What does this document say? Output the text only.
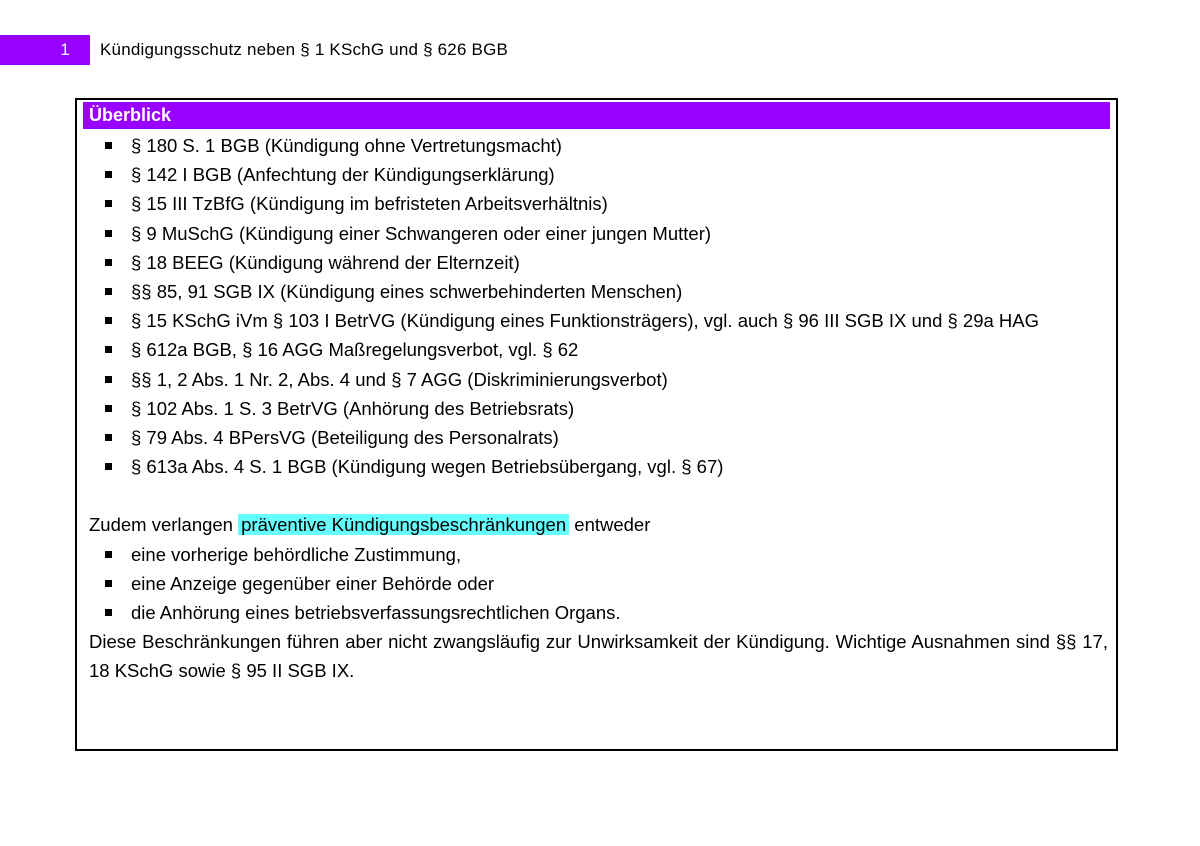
1	Kündigungsschutz neben § 1 KSchG und § 626 BGB
Überblick
§ 180 S. 1 BGB (Kündigung ohne Vertretungsmacht)
§ 142 I BGB (Anfechtung der Kündigungserklärung)
§ 15 III TzBfG (Kündigung im befristeten Arbeitsverhältnis)
§ 9 MuSchG (Kündigung einer Schwangeren oder einer jungen Mutter)
§ 18 BEEG (Kündigung während der Elternzeit)
§§ 85, 91 SGB IX (Kündigung eines schwerbehinderten Menschen)
§ 15 KSchG iVm § 103 I BetrVG (Kündigung eines Funktionsträgers), vgl. auch § 96 III SGB IX und § 29a HAG
§ 612a BGB, § 16 AGG Maßregelungsverbot, vgl. § 62
§§ 1, 2 Abs. 1 Nr. 2, Abs. 4 und § 7 AGG (Diskriminierungsverbot)
§ 102 Abs. 1 S. 3 BetrVG (Anhörung des Betriebsrats)
§ 79 Abs. 4 BPersVG (Beteiligung des Personalrats)
§ 613a Abs. 4 S. 1 BGB (Kündigung wegen Betriebsübergang, vgl. § 67)
Zudem verlangen präventive Kündigungsbeschränkungen entweder
eine vorherige behördliche Zustimmung,
eine Anzeige gegenüber einer Behörde oder
die Anhörung eines betriebsverfassungsrechtlichen Organs.
Diese Beschränkungen führen aber nicht zwangsläufig zur Unwirksamkeit der Kündigung. Wichtige Ausnahmen sind §§ 17, 18 KSchG sowie § 95 II SGB IX.
